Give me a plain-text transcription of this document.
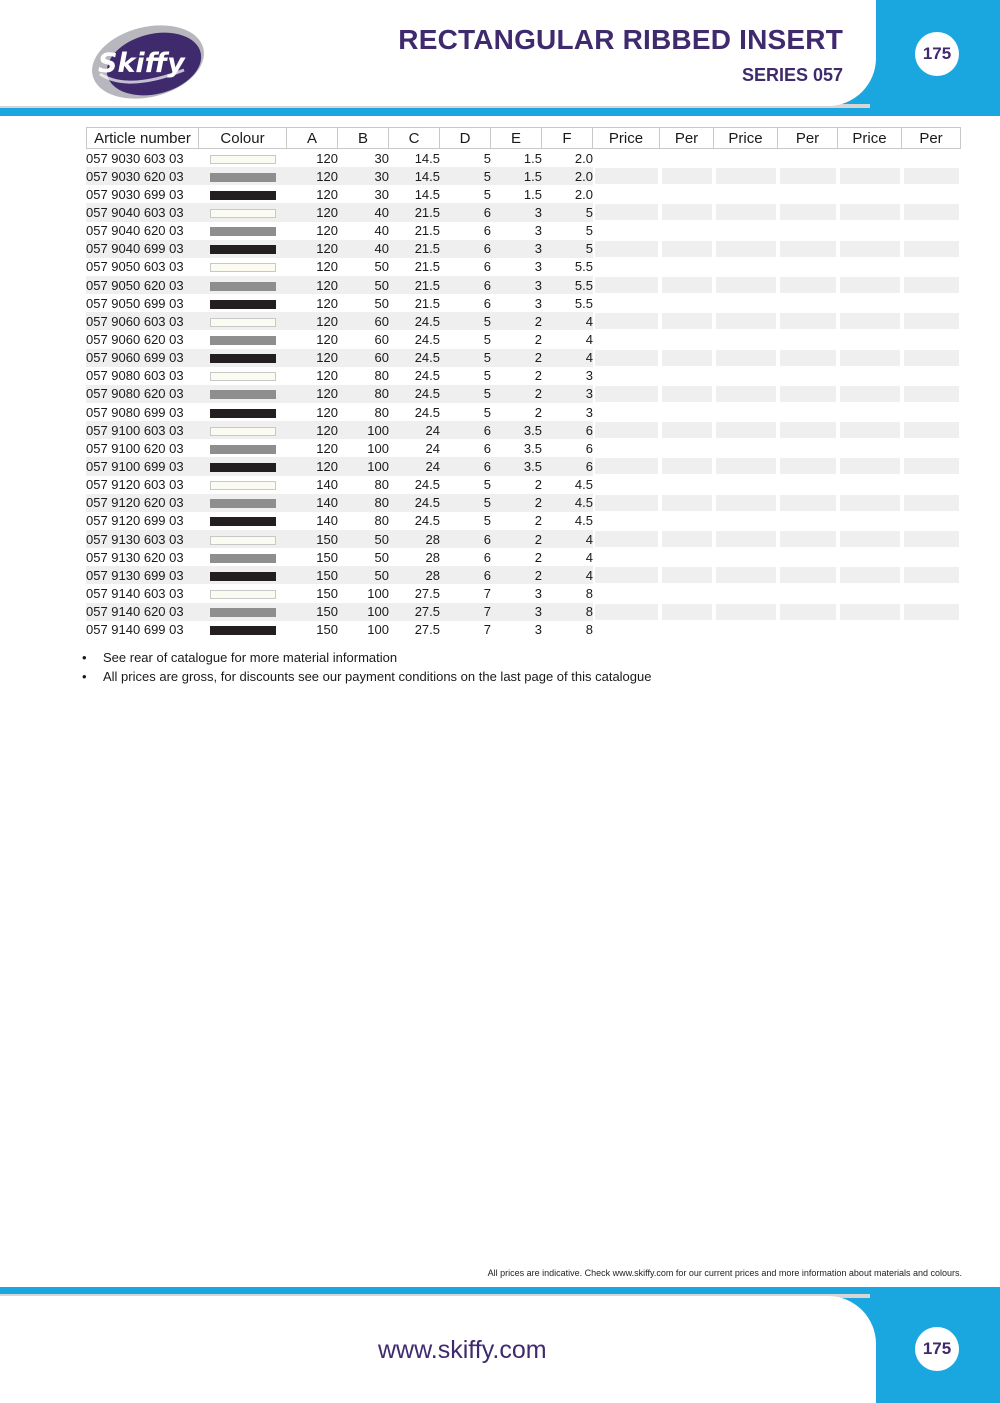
Skiffy
RECTANGULAR RIBBED INSERT
SERIES 057
175
Article number	Colour	A	B	C	D	E	F	Price	Per	Price	Per	Price	Per
057 9030 603 03		120	30	14.5	5	1.5	2.0	

057 9030 620 03		120	30	14.5	5	1.5	2.0	

057 9030 699 03		120	30	14.5	5	1.5	2.0	

057 9040 603 03		120	40	21.5	6	3	5	

057 9040 620 03		120	40	21.5	6	3	5	

057 9040 699 03		120	40	21.5	6	3	5	

057 9050 603 03		120	50	21.5	6	3	5.5	

057 9050 620 03		120	50	21.5	6	3	5.5	

057 9050 699 03		120	50	21.5	6	3	5.5	

057 9060 603 03		120	60	24.5	5	2	4	

057 9060 620 03		120	60	24.5	5	2	4	

057 9060 699 03		120	60	24.5	5	2	4	

057 9080 603 03		120	80	24.5	5	2	3	

057 9080 620 03		120	80	24.5	5	2	3	

057 9080 699 03		120	80	24.5	5	2	3	

057 9100 603 03		120	100	24	6	3.5	6	

057 9100 620 03		120	100	24	6	3.5	6	

057 9100 699 03		120	100	24	6	3.5	6	

057 9120 603 03		140	80	24.5	5	2	4.5	

057 9120 620 03		140	80	24.5	5	2	4.5	

057 9120 699 03		140	80	24.5	5	2	4.5	

057 9130 603 03		150	50	28	6	2	4	

057 9130 620 03		150	50	28	6	2	4	

057 9130 699 03		150	50	28	6	2	4	

057 9140 603 03		150	100	27.5	7	3	8	

057 9140 620 03		150	100	27.5	7	3	8	

057 9140 699 03		150	100	27.5	7	3	8	

• See rear of catalogue for more material information
• All prices are gross, for discounts see our payment conditions on the last page of this catalogue
All prices are indicative. Check www.skiffy.com for our current prices and more information about materials and colours.
www.skiffy.com	175
